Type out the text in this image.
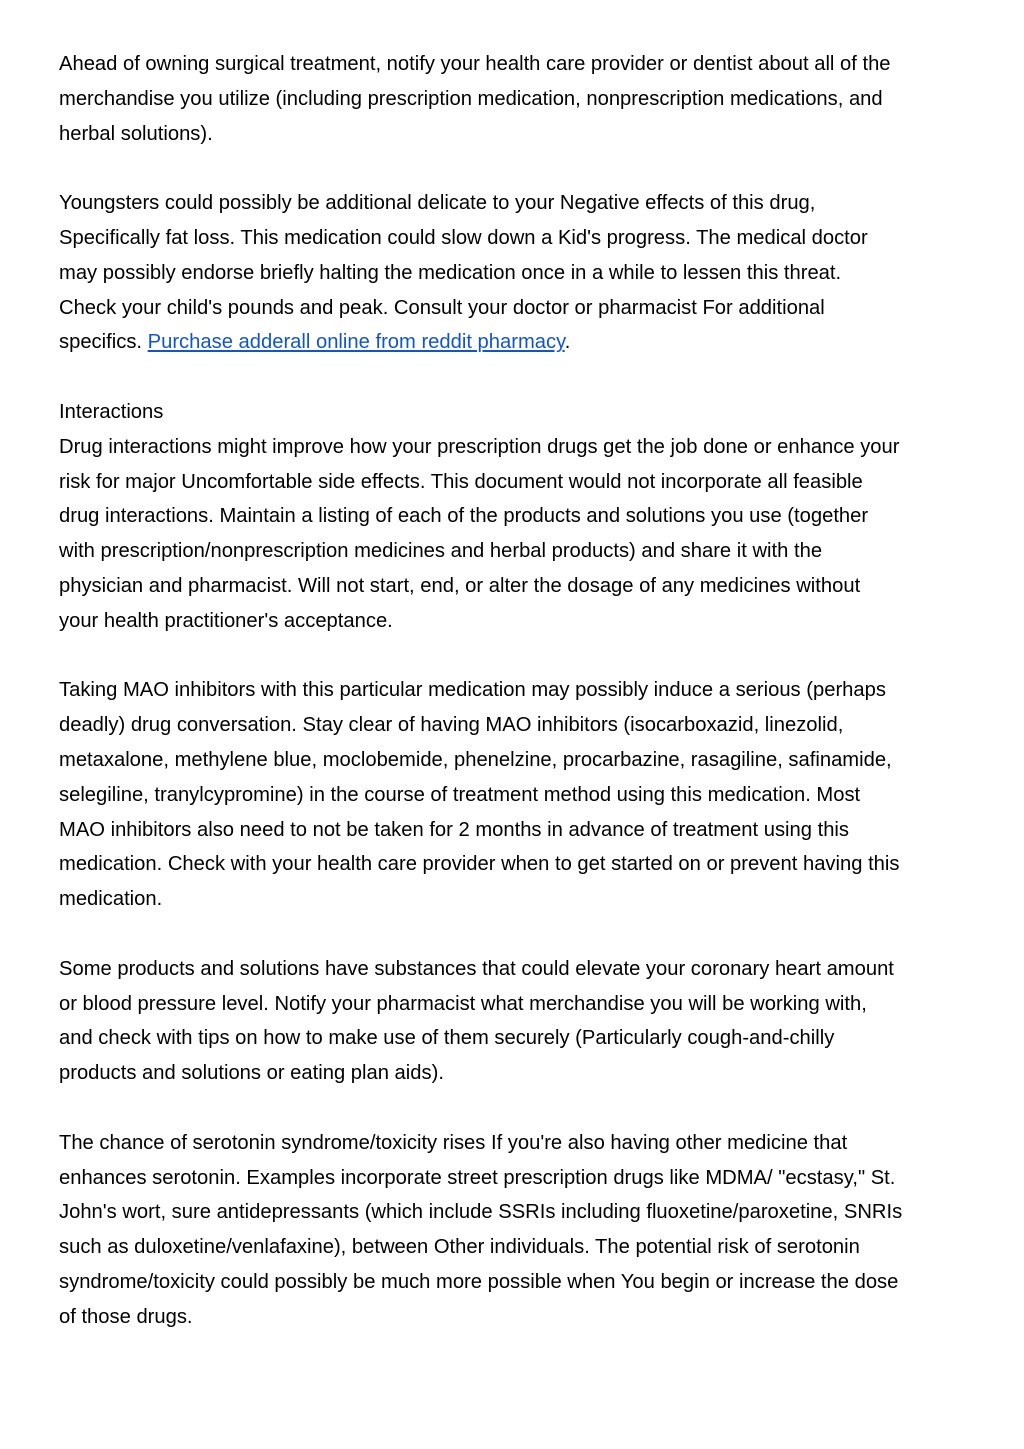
Ahead of owning surgical treatment, notify your health care provider or dentist about all of the
merchandise you utilize (including prescription medication, nonprescription medications, and
herbal solutions).

Youngsters could possibly be additional delicate to your Negative effects of this drug,
Specifically fat loss. This medication could slow down a Kid's progress. The medical doctor
may possibly endorse briefly halting the medication once in a while to lessen this threat.
Check your child's pounds and peak. Consult your doctor or pharmacist For additional
specifics. Purchase adderall online from reddit pharmacy.

Interactions
Drug interactions might improve how your prescription drugs get the job done or enhance your
risk for major Uncomfortable side effects. This document would not incorporate all feasible
drug interactions. Maintain a listing of each of the products and solutions you use (together
with prescription/nonprescription medicines and herbal products) and share it with the
physician and pharmacist. Will not start, end, or alter the dosage of any medicines without
your health practitioner's acceptance.

Taking MAO inhibitors with this particular medication may possibly induce a serious (perhaps
deadly) drug conversation. Stay clear of having MAO inhibitors (isocarboxazid, linezolid,
metaxalone, methylene blue, moclobemide, phenelzine, procarbazine, rasagiline, safinamide,
selegiline, tranylcypromine) in the course of treatment method using this medication. Most
MAO inhibitors also need to not be taken for 2 months in advance of treatment using this
medication. Check with your health care provider when to get started on or prevent having this
medication.

Some products and solutions have substances that could elevate your coronary heart amount
or blood pressure level. Notify your pharmacist what merchandise you will be working with,
and check with tips on how to make use of them securely (Particularly cough-and-chilly
products and solutions or eating plan aids).

The chance of serotonin syndrome/toxicity rises If you're also having other medicine that
enhances serotonin. Examples incorporate street prescription drugs like MDMA/ "ecstasy," St.
John's wort, sure antidepressants (which include SSRIs including fluoxetine/paroxetine, SNRIs
such as duloxetine/venlafaxine), between Other individuals. The potential risk of serotonin
syndrome/toxicity could possibly be much more possible when You begin or increase the dose
of those drugs.
